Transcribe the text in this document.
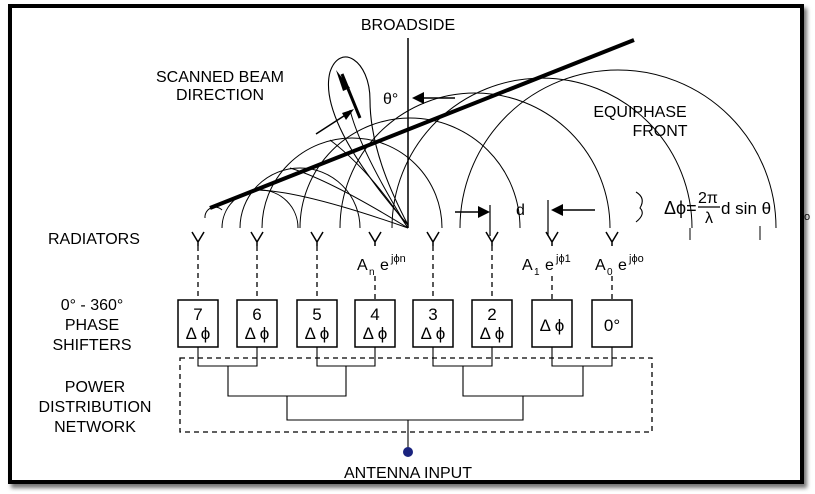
7
Δ ϕ
6
Δ ϕ
5
Δ ϕ
4
Δ ϕ
3
Δ ϕ
2
Δ ϕ Δ ϕ 0°
BROADSIDE
SCANNED BEAM
DIRECTION	θ°
EQUIPHASE
FRONT
d
RADIATORS
0° - 360°
PHASE
SHIFTERS
POWER
DISTRIBUTION
NETWORK
ANTENNA INPUT
Δϕ= 2π
λ
d sin θ	o
A n e jϕn	A 1 e jϕ1 A 0 e jϕo
